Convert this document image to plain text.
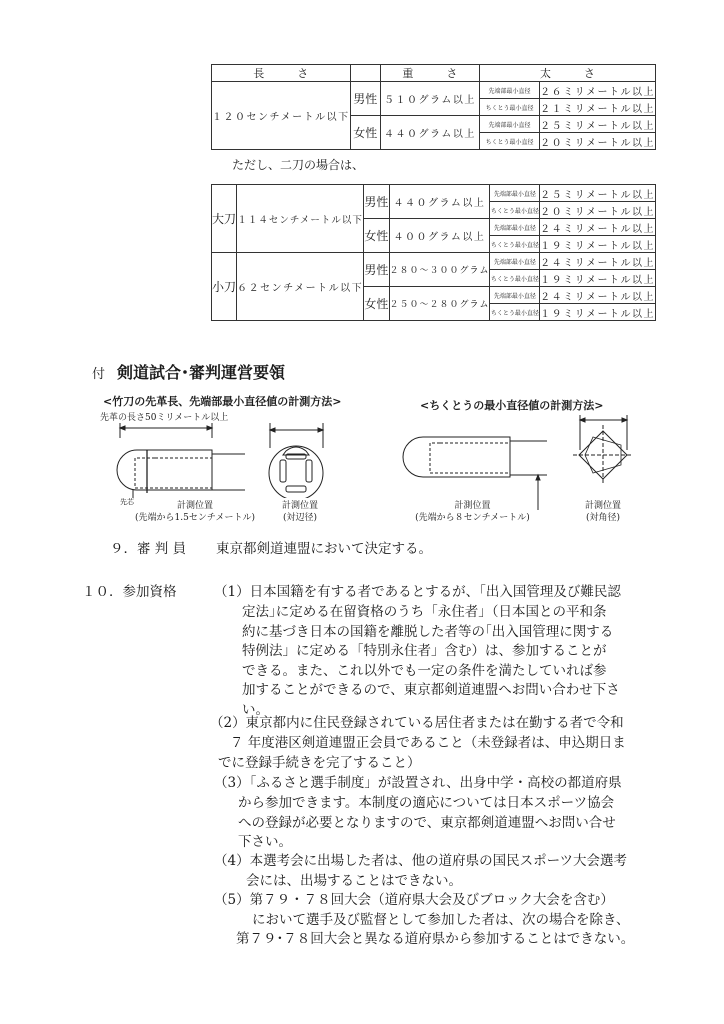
長　　　さ		重　　　さ	太　　　さ	
１２０センチメートル以下	男性	５１０グラム以上	先端部最小直径	２６ミリメートル以上
			ちくとう最小直径	２１ミリメートル以上
	女性	４４０グラム以上	先端部最小直径	２５ミリメートル以上
			ちくとう最小直径	２０ミリメートル以上
ただし、二刀の場合は、
大刀	１１４センチメートル以下	男性	４４０グラム以上	先端部最小直径	２５ミリメートル以上
				ちくとう最小直径	２０ミリメートル以上
		女性	４００グラム以上	先端部最小直径	２４ミリメートル以上
				ちくとう最小直径	１９ミリメートル以上
小刀	６２センチメートル以下	男性	２８０～３００グラム	先端部最小直径	２４ミリメートル以上
				ちくとう最小直径	１９ミリメートル以上
		女性	２５０～２８０グラム	先端部最小直径	２４ミリメートル以上
				ちくとう最小直径	１９ミリメートル以上
付 剣道試合･審判運営要領
<竹刀の先革長、先端部最小直径値の計測方法>
先革の長さ50ミリメートル以上
先芯	計測位置
(先端から1.5センチメートル)
計測位置
(対辺径)
<ちくとうの最小直径値の計測方法>
計測位置
(先端から８センチメートル)
計測位置
(対角径)
９．審 判 員 東京都剣道連盟において決定する。
１０．参加資格	（1）日本国籍を有する者であるとするが、「出入国管理及び難民認
定法｣に定める在留資格のうち「永住者」（日本国との平和条
約に基づき日本の国籍を離脱した者等の｢出入国管理に関する
特例法」に定める「特別永住者」含む）は、参加することが
できる。また、これ以外でも一定の条件を満たしていれば参
加することができるので、東京都剣道連盟へお問い合わせ下さ
い。
（2）東京都内に住民登録されている居住者または在勤する者で令和
７ 年度港区剣道連盟正会員であること（未登録者は、申込期日ま
でに登録手続きを完了すること）
（3）「ふるさと選手制度」が設置され、出身中学・高校の都道府県
から参加できます。本制度の適応については日本スポーツ協会
への登録が必要となりますので、東京都剣道連盟へお問い合せ
下さい。
（4）本選考会に出場した者は、他の道府県の国民スポーツ大会選考
会には、出場することはできない。
（5）第７９・７８回大会（道府県大会及びブロック大会を含む）
において選手及び監督として参加した者は、次の場合を除き、
第７９･７８回大会と異なる道府県から参加することはできない。
